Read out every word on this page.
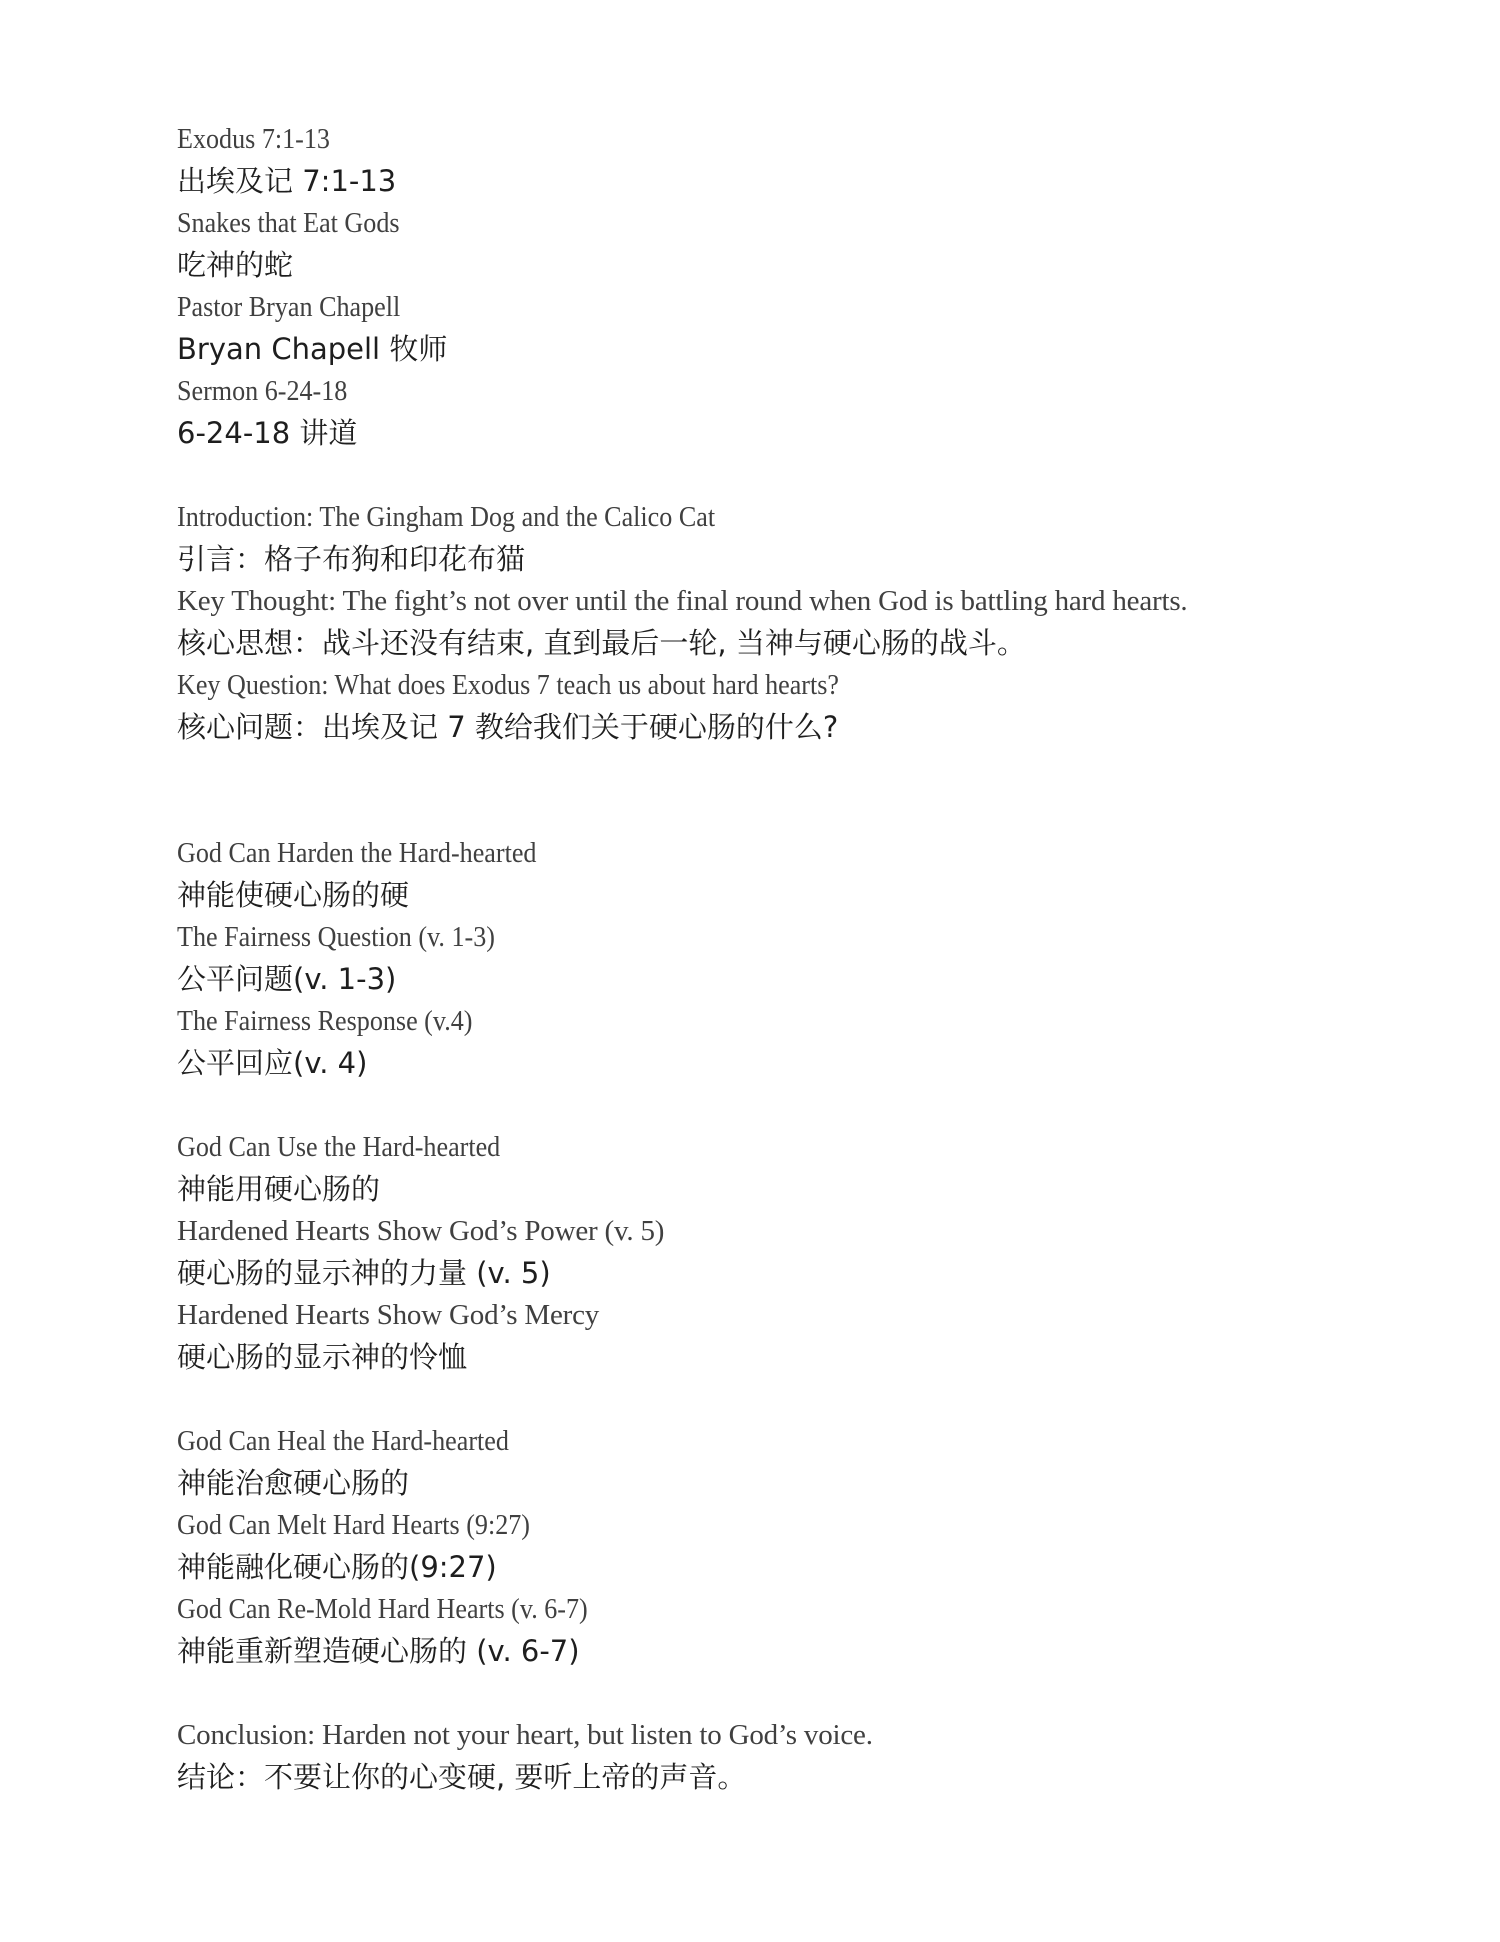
Exodus 7:1-13
出埃及记 7:1-13
Snakes that Eat Gods
吃神的蛇
Pastor Bryan Chapell
Bryan Chapell 牧师
Sermon 6-24-18
6-24-18 讲道
Introduction: The Gingham Dog and the Calico Cat
引言：格子布狗和印花布猫
Key Thought: The fight’s not over until the final round when God is battling hard hearts.
核心思想：战斗还没有结束, 直到最后一轮, 当神与硬心肠的战斗。
Key Question: What does Exodus 7 teach us about hard hearts?
核心问题：出埃及记 7 教给我们关于硬心肠的什么?
God Can Harden the Hard-hearted
神能使硬心肠的硬
The Fairness Question (v. 1-3)
公平问题(v. 1-3)
The Fairness Response (v.4)
公平回应(v. 4)
God Can Use the Hard-hearted
神能用硬心肠的
Hardened Hearts Show God’s Power (v. 5)
硬心肠的显示神的力量 (v. 5)
Hardened Hearts Show God’s Mercy
硬心肠的显示神的怜恤
God Can Heal the Hard-hearted
神能治愈硬心肠的
God Can Melt Hard Hearts (9:27)
神能融化硬心肠的(9:27)
God Can Re-Mold Hard Hearts (v. 6-7)
神能重新塑造硬心肠的 (v. 6-7)
Conclusion: Harden not your heart, but listen to God’s voice.
结论：不要让你的心变硬, 要听上帝的声音。
